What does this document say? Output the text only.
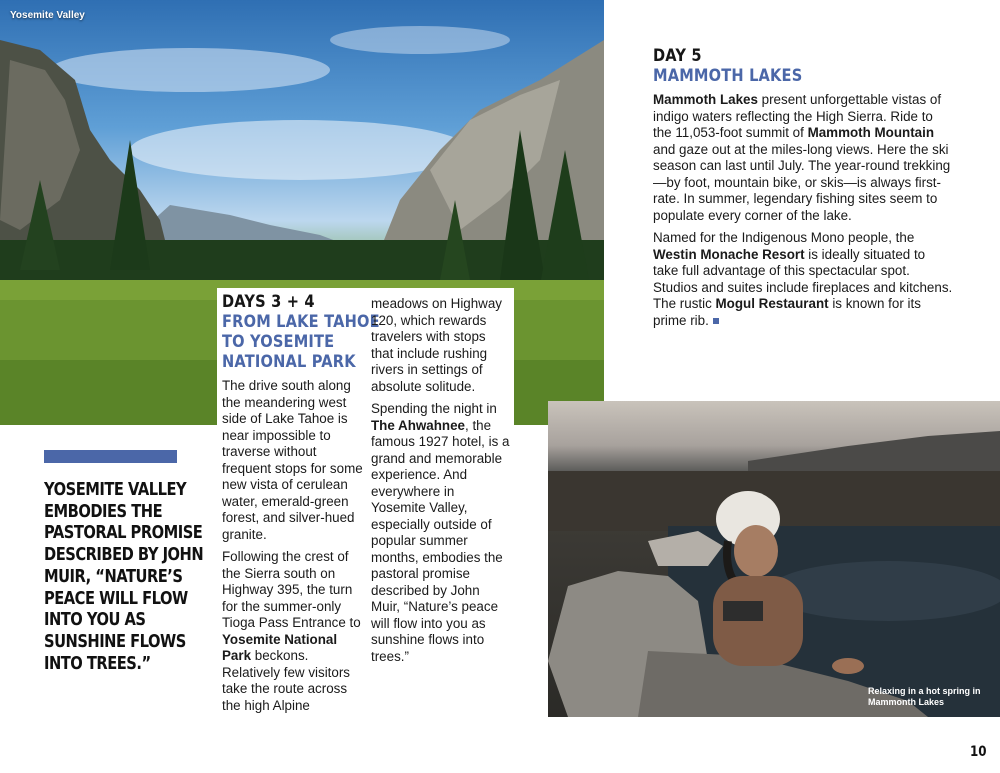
Yosemite Valley
DAYS 3 + 4
FROM LAKE TAHOE
TO YOSEMITE
NATIONAL PARK

The drive south along the meandering west side of Lake Tahoe is near impossible to traverse without frequent stops for some new vista of cerulean water, emerald-green forest, and silver-hued granite.

Following the crest of the Sierra south on Highway 395, the turn for the summer-only Tioga Pass Entrance to Yosemite National Park beckons. Relatively few visitors take the route across the high Alpine

meadows on Highway 120, which rewards travelers with stops that include rushing rivers in settings of absolute solitude.

Spending the night in The Ahwahnee, the famous 1927 hotel, is a grand and memorable experience. And everywhere in Yosemite Valley, especially outside of popular summer months, embodies the pastoral promise described by John Muir, “Nature’s peace will flow into you as sunshine flows into trees.”

DAY 5
MAMMOTH LAKES

Mammoth Lakes present unforgettable vistas of indigo waters reflecting the High Sierra. Ride to the 11,053-foot summit of Mammoth Mountain and gaze out at the miles-long views. Here the ski season can last until July. The year-round trekking—by foot, mountain bike, or skis—is always first-rate. In summer, legendary fishing sites seem to populate every corner of the lake.

Named for the Indigenous Mono people, the Westin Monache Resort is ideally situated to take full advantage of this spectacular spot. Studios and suites include fireplaces and kitchens. The rustic Mogul Restaurant is known for its prime rib.

YOSEMITE VALLEY EMBODIES THE PASTORAL PROMISE DESCRIBED BY JOHN MUIR, “NATURE’S PEACE WILL FLOW INTO YOU AS SUNSHINE FLOWS INTO TREES.”
Relaxing in a hot spring in Mammonth Lakes
10
